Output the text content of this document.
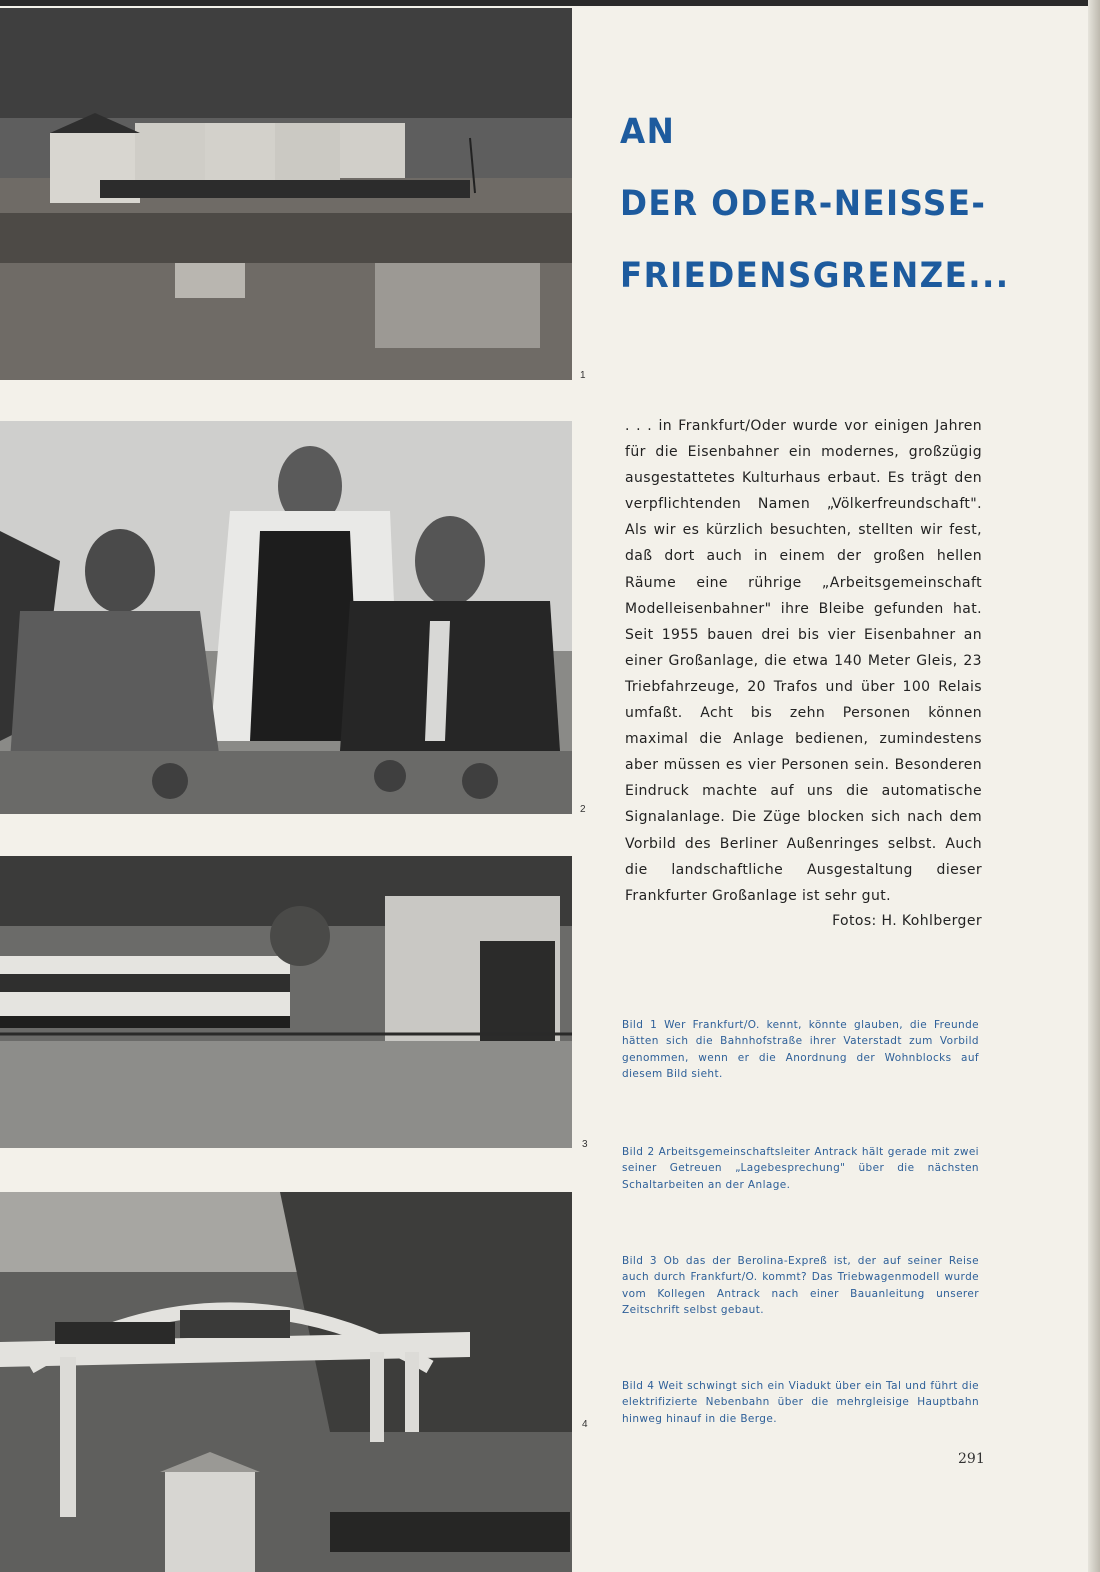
1
2
3
4
AN
DER ODER-NEISSE-
FRIEDENSGRENZE...

. . . in Frankfurt/Oder wurde vor einigen Jahren für die Eisenbahner ein modernes, großzügig ausgestattetes Kulturhaus erbaut. Es trägt den verpflichtenden Namen „Völkerfreundschaft". Als wir es kürzlich besuchten, stellten wir fest, daß dort auch in einem der großen hellen Räume eine rührige „Arbeitsgemeinschaft Modelleisenbahner" ihre Bleibe gefunden hat. Seit 1955 bauen drei bis vier Eisenbahner an einer Großanlage, die etwa 140 Meter Gleis, 23 Triebfahrzeuge, 20 Trafos und über 100 Relais umfaßt. Acht bis zehn Personen können maximal die Anlage bedienen, zumindestens aber müssen es vier Personen sein. Besonderen Eindruck machte auf uns die automatische Signalanlage. Die Züge blocken sich nach dem Vorbild des Berliner Außenringes selbst. Auch die landschaftliche Ausgestaltung dieser Frankfurter Großanlage ist sehr gut.

Fotos: H. Kohlberger

Bild 1 Wer Frankfurt/O. kennt, könnte glauben, die Freunde hätten sich die Bahnhofstraße ihrer Vaterstadt zum Vorbild genommen, wenn er die Anordnung der Wohnblocks auf diesem Bild sieht.

Bild 2 Arbeitsgemeinschaftsleiter Antrack hält gerade mit zwei seiner Getreuen „Lagebesprechung" über die nächsten Schaltarbeiten an der Anlage.

Bild 3 Ob das der Berolina-Expreß ist, der auf seiner Reise auch durch Frankfurt/O. kommt? Das Triebwagenmodell wurde vom Kollegen Antrack nach einer Bauanleitung unserer Zeitschrift selbst gebaut.

Bild 4 Weit schwingt sich ein Viadukt über ein Tal und führt die elektrifizierte Nebenbahn über die mehrgleisige Hauptbahn hinweg hinauf in die Berge.

291
